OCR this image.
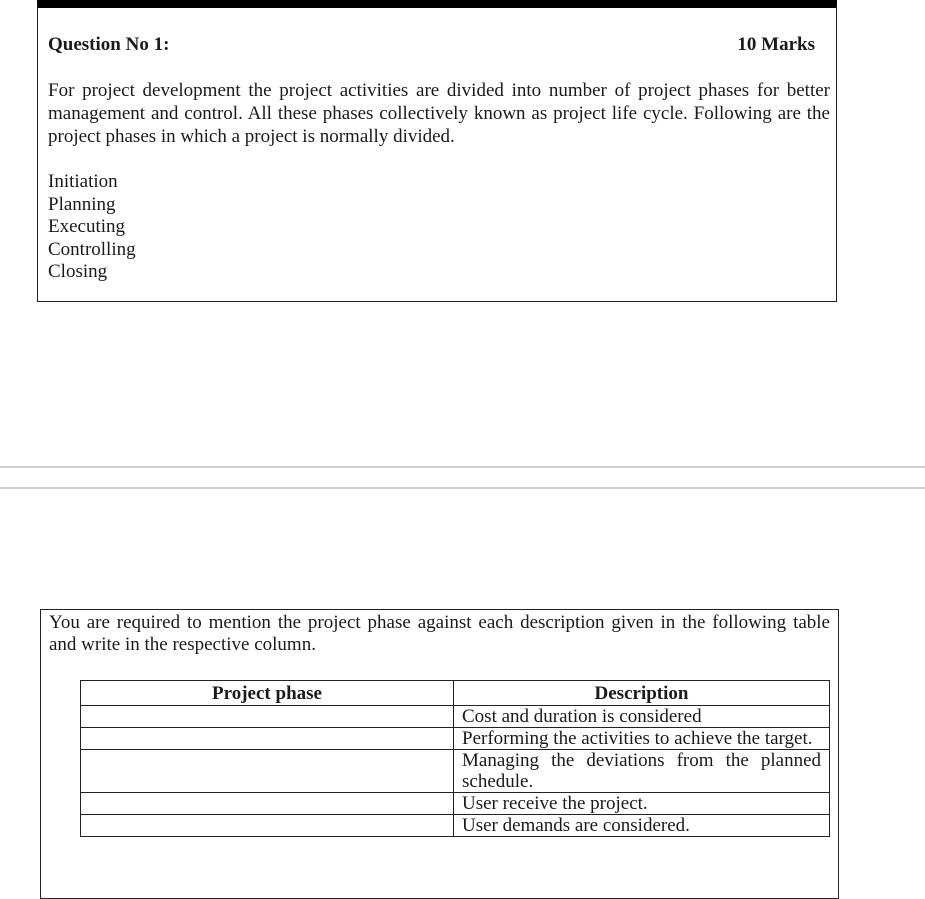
Question No 1:	10 Marks

For project development the project activities are divided into number of project phases for better management and control. All these phases collectively known as project life cycle. Following are the project phases in which a project is normally divided.

Initiation
Planning
Executing
Controlling
Closing

You are required to mention the project phase against each description given in the following table and write in the respective column.

Project phase	Description
	Cost and duration is considered
	Performing the activities to achieve the target.
	Managing the deviations from the planned schedule.
	User receive the project.
	User demands are considered.
